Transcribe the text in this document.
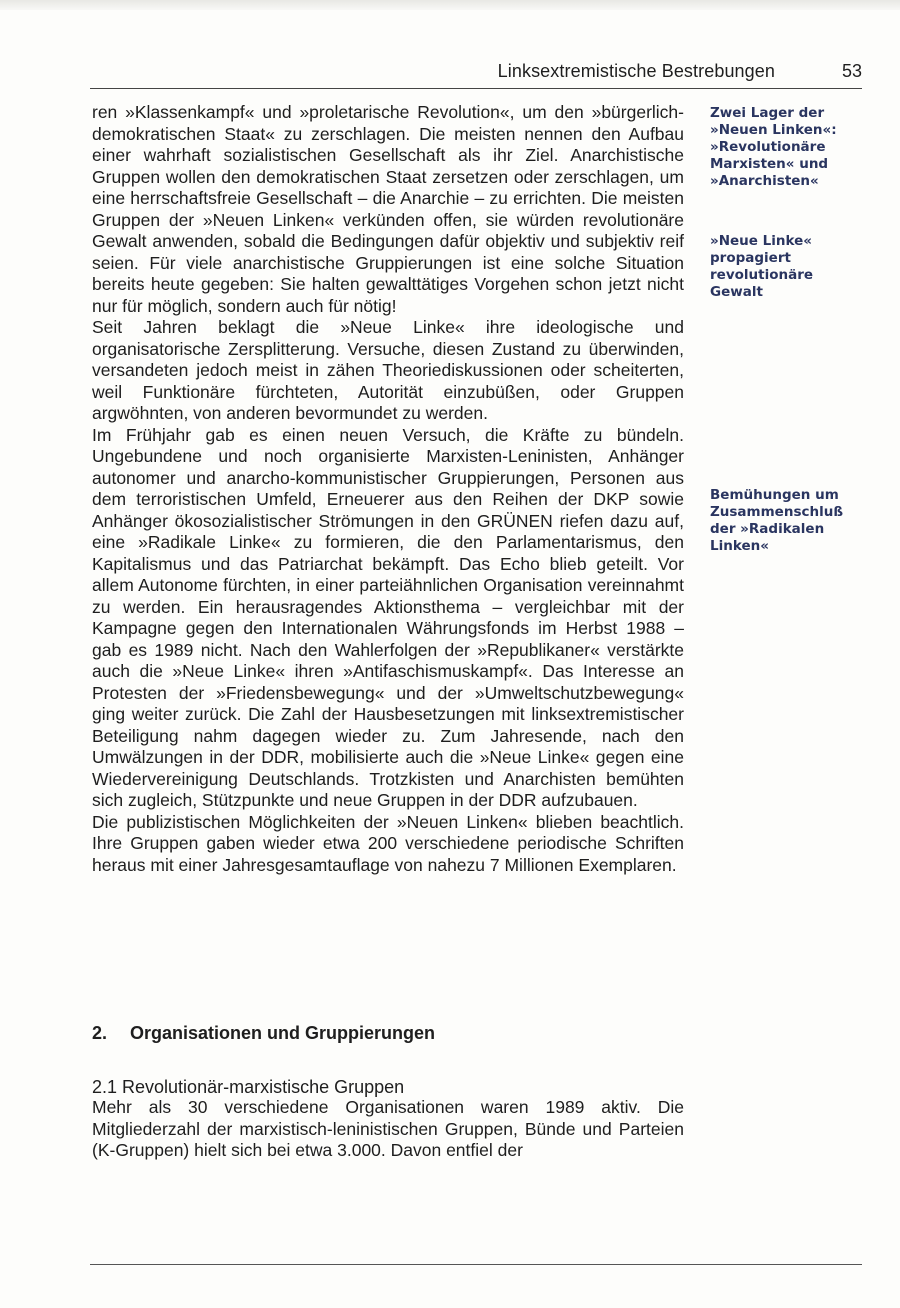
Linksextremistische Bestrebungen	53

ren »Klassenkampf« und »proletarische Revolution«, um den »bürgerlich-demokratischen Staat« zu zerschlagen. Die meisten nennen den Aufbau einer wahrhaft sozialistischen Gesellschaft als ihr Ziel. Anarchistische Gruppen wollen den demokratischen Staat zersetzen oder zerschlagen, um eine herrschaftsfreie Gesellschaft – die Anarchie – zu errichten. Die meisten Gruppen der »Neuen Linken« verkünden offen, sie würden revolutionäre Gewalt anwenden, sobald die Bedingungen dafür objektiv und subjektiv reif seien. Für viele anarchistische Gruppierungen ist eine solche Situation bereits heute gegeben: Sie halten gewalttätiges Vorgehen schon jetzt nicht nur für möglich, sondern auch für nötig!

Seit Jahren beklagt die »Neue Linke« ihre ideologische und organisatorische Zersplitterung. Versuche, diesen Zustand zu überwinden, versandeten jedoch meist in zähen Theoriediskussionen oder scheiterten, weil Funktionäre fürchteten, Autorität einzubüßen, oder Gruppen argwöhnten, von anderen bevormundet zu werden.

Im Frühjahr gab es einen neuen Versuch, die Kräfte zu bündeln. Ungebundene und noch organisierte Marxisten-Leninisten, Anhänger autonomer und anarcho-kommunistischer Gruppierungen, Personen aus dem terroristischen Umfeld, Erneuerer aus den Reihen der DKP sowie Anhänger ökosozialistischer Strömungen in den GRÜNEN riefen dazu auf, eine »Radikale Linke« zu formieren, die den Parlamentarismus, den Kapitalismus und das Patriarchat bekämpft. Das Echo blieb geteilt. Vor allem Autonome fürchten, in einer parteiähnlichen Organisation vereinnahmt zu werden. Ein herausragendes Aktionsthema – vergleichbar mit der Kampagne gegen den Internationalen Währungsfonds im Herbst 1988 – gab es 1989 nicht. Nach den Wahlerfolgen der »Republikaner« verstärkte auch die »Neue Linke« ihren »Antifaschismuskampf«. Das Interesse an Protesten der »Friedensbewegung« und der »Umweltschutzbewegung« ging weiter zurück. Die Zahl der Hausbesetzungen mit linksextremistischer Beteiligung nahm dagegen wieder zu. Zum Jahresende, nach den Umwälzungen in der DDR, mobilisierte auch die »Neue Linke« gegen eine Wiedervereinigung Deutschlands. Trotzkisten und Anarchisten bemühten sich zugleich, Stützpunkte und neue Gruppen in der DDR aufzubauen.

Die publizistischen Möglichkeiten der »Neuen Linken« blieben beachtlich. Ihre Gruppen gaben wieder etwa 200 verschiedene periodische Schriften heraus mit einer Jahresgesamtauflage von nahezu 7 Millionen Exemplaren.

Zwei Lager der »Neuen Linken«: »Revolutionäre Marxisten« und »Anarchisten«
»Neue Linke« propagiert revolutionäre Gewalt
Bemühungen um Zusammenschluß der »Radikalen Linken«
2. Organisationen und Gruppierungen
2.1 Revolutionär-marxistische Gruppen

Mehr als 30 verschiedene Organisationen waren 1989 aktiv. Die Mitgliederzahl der marxistisch-leninistischen Gruppen, Bünde und Parteien (K-Gruppen) hielt sich bei etwa 3.000. Davon entfiel der
